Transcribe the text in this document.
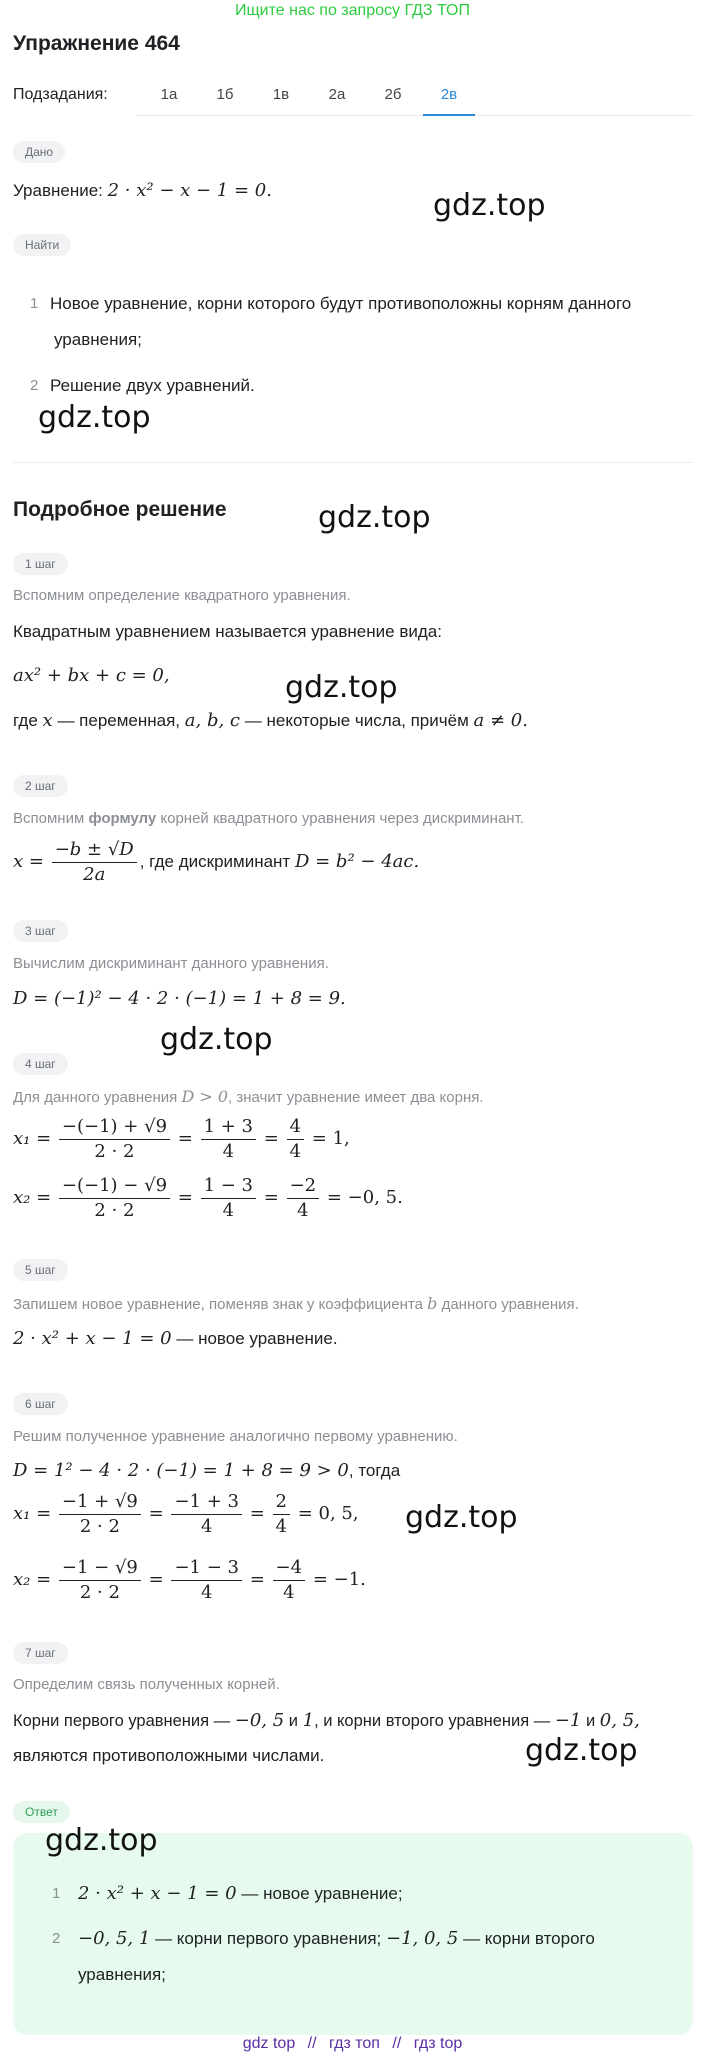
Ищите нас по запросу ГДЗ ТОП
Упражнение 464
Подзадания:	1а	1б	1в	2а	2б	2в
Дано
Уравнение: 2 · x² − x − 1 = 0.	gdz.top
Найти
1 Новое уравнение, корни которого будут противоположны корням данного
уравнения;
2 Решение двух уравнений.
gdz.top
Подробное решение	gdz.top
1 шаг
Вспомним определение квадратного уравнения.
Квадратным уравнением называется уравнение вида:
ax² + bx + c = 0,	gdz.top
где x — переменная, a, b, c — некоторые числа, причём a ≠ 0.
2 шаг
Вспомним формулу корней квадратного уравнения через дискриминант.
$x = \frac{-b \pm √D}{2a}$ , где дискриминант D = b² − 4ac.
3 шаг
Вычислим дискриминант данного уравнения.
D = (−1)² − 4 · 2 · (−1) = 1 + 8 = 9.
gdz.top
4 шаг
Для данного уравнения D > 0, значит уравнение имеет два корня.
$x_1 = \frac{-(-1) + √9}{2 \cdot 2} = \frac{1 + 3}{4} = \frac{4}{4} = 1$,
$x_2 = \frac{-(-1) - √9}{2 \cdot 2} = \frac{1 - 3}{4} = \frac{-2}{4} = -0$, 5.
5 шаг
Запишем новое уравнение, поменяв знак у коэффициента b данного уравнения.
2 · x² + x − 1 = 0 — новое уравнение.
6 шаг
Решим полученное уравнение аналогично первому уравнению.
D = 1² − 4 · 2 · (−1) = 1 + 8 = 9 > 0, тогда
gdz.top
$x_1 = \frac{-1 + √9}{2 \cdot 2} = \frac{-1 + 3}{4} = \frac{2}{4} = 0$, 5,
$x_2 = \frac{-1 - √9}{2 \cdot 2} = \frac{-1 - 3}{4} = \frac{-4}{4} = -1$.
7 шаг
Определим связь полученных корней.
Корни первого уравнения — −0, 5 и 1, и корни второго уравнения — −1 и 0, 5,
являются противоположными числами.	gdz.top
Ответ
gdz.top
1 2 · x² + x − 1 = 0 — новое уравнение;
2 −0, 5, 1 — корни первого уравнения; −1, 0, 5 — корни второго
уравнения;
gdz top // гдз топ // гдз top
